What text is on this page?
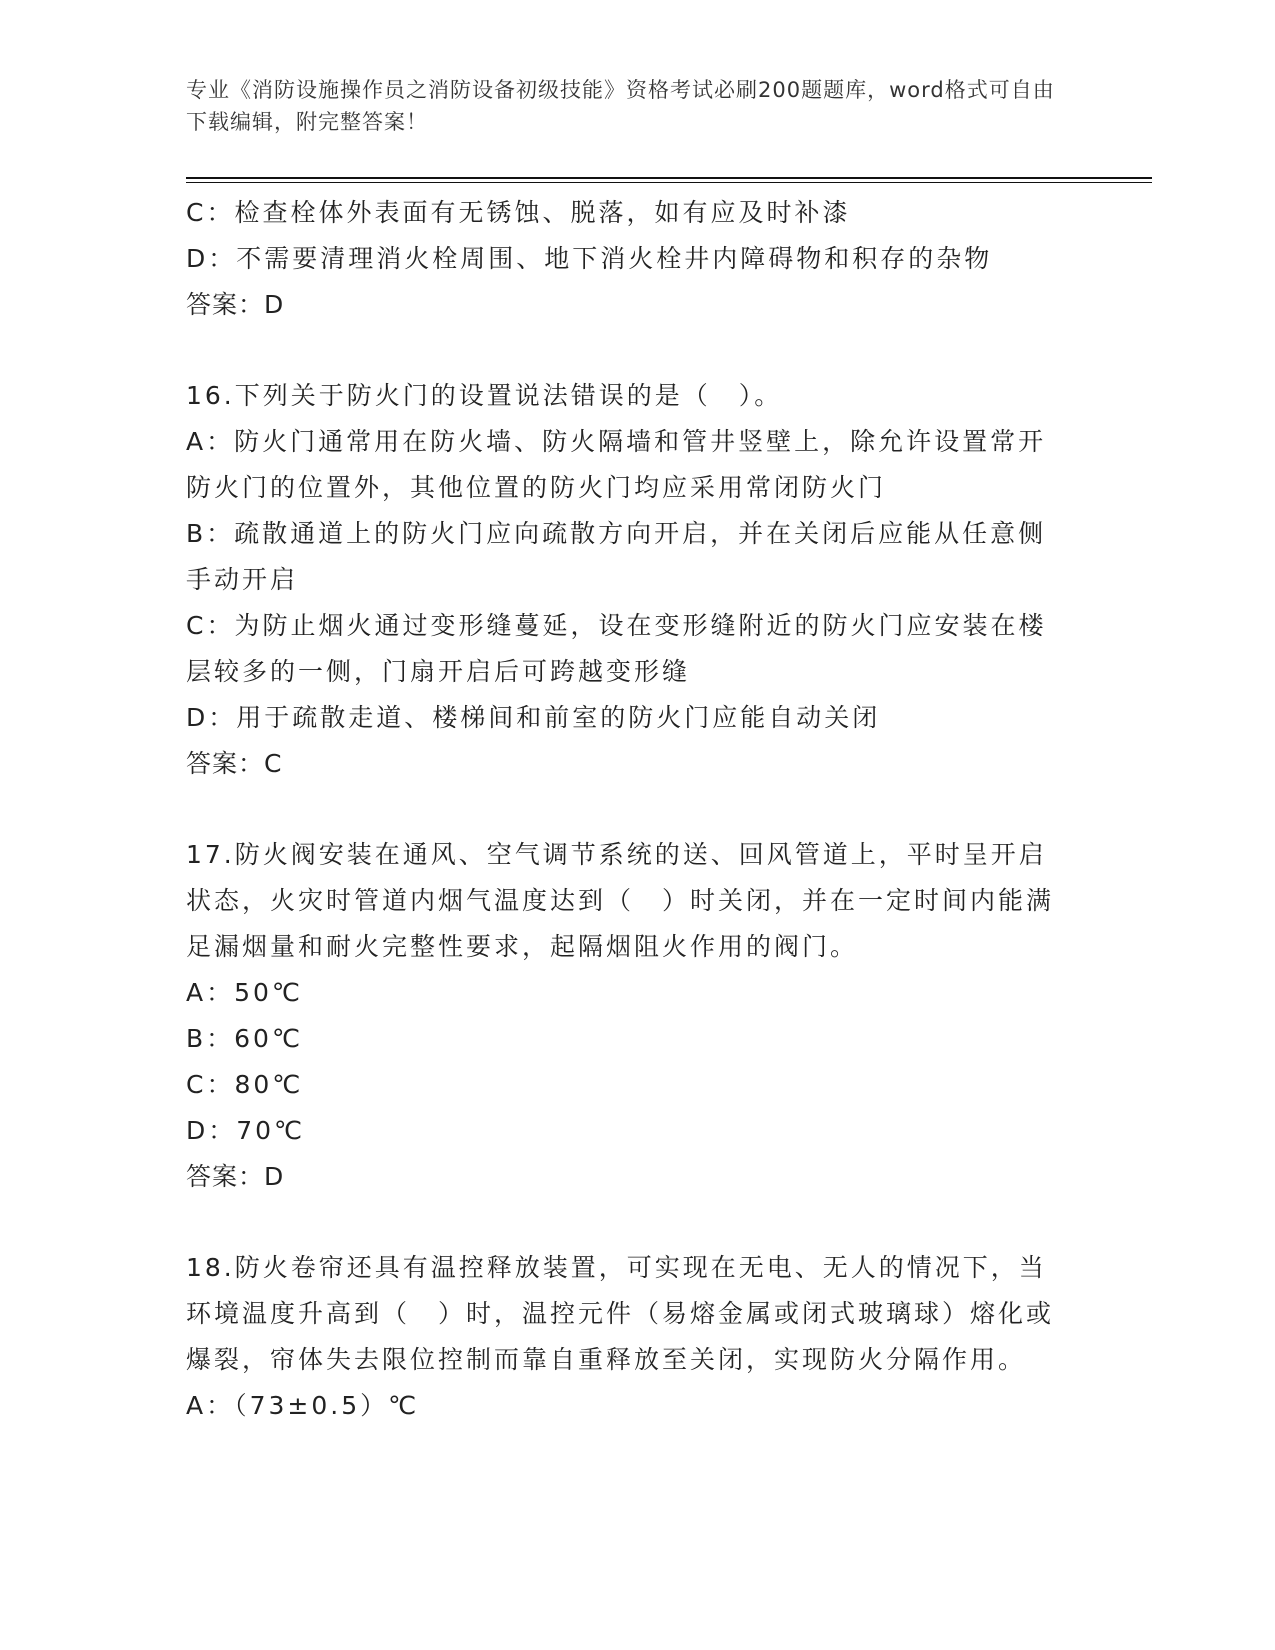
专业《消防设施操作员之消防设备初级技能》资格考试必刷200题题库，word格式可自由下载编辑，附完整答案！

C：检查栓体外表面有无锈蚀、脱落，如有应及时补漆

D：不需要清理消火栓周围、地下消火栓井内障碍物和积存的杂物

答案：D

16.下列关于防火门的设置说法错误的是（　）。

A：防火门通常用在防火墙、防火隔墙和管井竖壁上，除允许设置常开防火门的位置外，其他位置的防火门均应采用常闭防火门

B：疏散通道上的防火门应向疏散方向开启，并在关闭后应能从任意侧手动开启

C：为防止烟火通过变形缝蔓延，设在变形缝附近的防火门应安装在楼层较多的一侧，门扇开启后可跨越变形缝

D：用于疏散走道、楼梯间和前室的防火门应能自动关闭

答案：C

17.防火阀安装在通风、空气调节系统的送、回风管道上，平时呈开启状态，火灾时管道内烟气温度达到（　）时关闭，并在一定时间内能满足漏烟量和耐火完整性要求，起隔烟阻火作用的阀门。

A：50℃

B：60℃

C：80℃

D：70℃

答案：D

18.防火卷帘还具有温控释放装置，可实现在无电、无人的情况下，当环境温度升高到（　）时，温控元件（易熔金属或闭式玻璃球）熔化或爆裂，帘体失去限位控制而靠自重释放至关闭，实现防火分隔作用。

A：（73±0.5）℃
